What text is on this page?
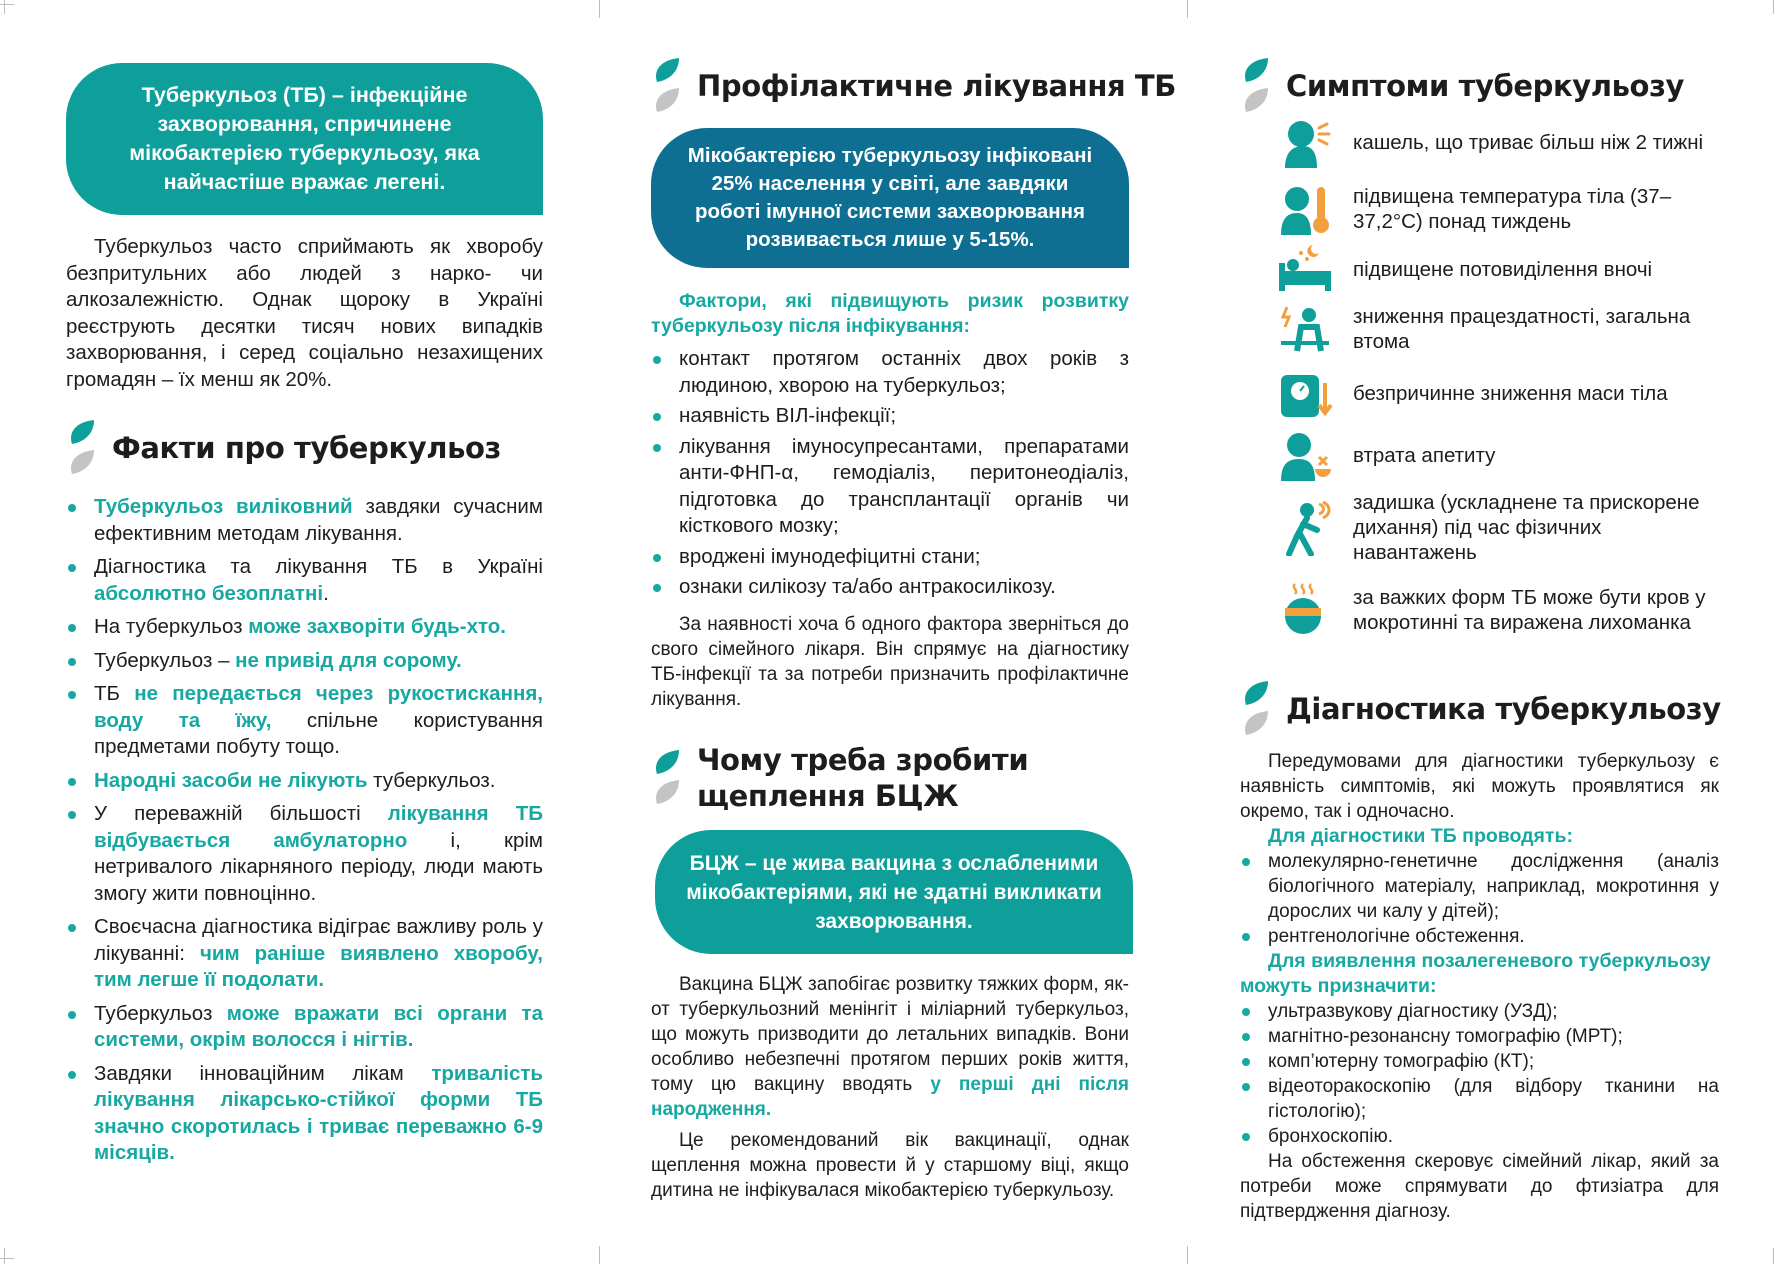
Туберкульоз (ТБ) – інфекційне захворювання, спричинене мікобактерією туберкульозу, яка найчастіше вражає легені.

Туберкульоз часто сприймають як хворобу безпритульних або людей з нарко- чи алкозалежністю. Однак щороку в Україні реєструють десятки тисяч нових випадків захворювання, і серед соціально незахищених громадян – їх менш як 20%.

Факти про туберкульоз
Туберкульоз виліковний завдяки сучасним ефективним методам лікування.
Діагностика та лікування ТБ в Україні абсолютно безоплатні.
На туберкульоз може захворіти будь-хто.
Туберкульоз – не привід для сорому.
ТБ не передається через рукостискання, воду та їжу, спільне користування предметами побуту тощо.
Народні засоби не лікують туберкульоз.
У переважній більшості лікування ТБ відбувається амбулаторно і, крім нетривалого лікарняного періоду, люди мають змогу жити повноцінно.
Своєчасна діагностика відіграє важливу роль у лікуванні: чим раніше виявлено хворобу, тим легше її подолати.
Туберкульоз може вражати всі органи та системи, окрім волосся і нігтів.
Завдяки інноваційним лікам тривалість лікування лікарсько-стійкої форми ТБ значно скоротилась і триває переважно 6-9 місяців.
Профілактичне лікування ТБ
Мікобактерією туберкульозу інфіковані 25% населення у світі, але завдяки роботі імунної системи захворювання розвивається лише у 5-15%.

Фактори, які підвищують ризик розвитку туберкульозу після інфікування:

контакт протягом останніх двох років з людиною, хворою на туберкульоз;
наявність ВІЛ-інфекції;
лікування імуносупресантами, препаратами анти-ФНП-α, гемодіаліз, перитонеодіаліз, підготовка до трансплантації органів чи кісткового мозку;
вроджені імунодефіцитні стани;
ознаки силікозу та/або антракосилікозу.

За наявності хоча б одного фактора зверніться до свого сімейного лікаря. Він спрямує на діагностику ТБ-інфекції та за потреби призначить профілактичне лікування.

Чому треба зробити
щеплення БЦЖ
БЦЖ – це жива вакцина з ослабленими мікобактеріями, які не здатні викликати захворювання.

Вакцина БЦЖ запобігає розвитку тяжких форм, як-от туберкульозний менінгіт і міліарний туберкульоз, що можуть призводити до летальних випадків. Вони особливо небезпечні протягом перших років життя, тому цю вакцину вводять у перші дні після народження.

Це рекомендований вік вакцинації, однак щеплення можна провести й у старшому віці, якщо дитина не інфікувалася мікобактерією туберкульозу.

Симптоми туберкульозу
кашель, що триває більш ніж 2 тижні
підвищена температура тіла (37–37,2°С) понад тиждень
підвищене потовиділення вночі
зниження працездатності, загальна втома
безпричинне зниження маси тіла
втрата апетиту
задишка (ускладнене та прискорене дихання) під час фізичних навантажень
за важких форм ТБ може бути кров у мокротинні та виражена лихоманка
Діагностика туберкульозу

Передумовами для діагностики туберкульозу є наявність симптомів, які можуть проявлятися як окремо, так і одночасно.

Для діагностики ТБ проводять:

молекулярно-генетичне дослідження (аналіз біологічного матеріалу, наприклад, мокротиння у дорослих чи калу у дітей);
рентгенологічне обстеження.

Для виявлення позалегеневого туберкульозу можуть призначити:

ультразвукову діагностику (УЗД);
магнітно-резонансну томографію (МРТ);
комп’ютерну томографію (КТ);
відеоторакоскопію (для відбору тканини на гістологію);
бронхоскопію.

На обстеження скеровує сімейний лікар, який за потреби може спрямувати до фтизіатра для підтвердження діагнозу.
